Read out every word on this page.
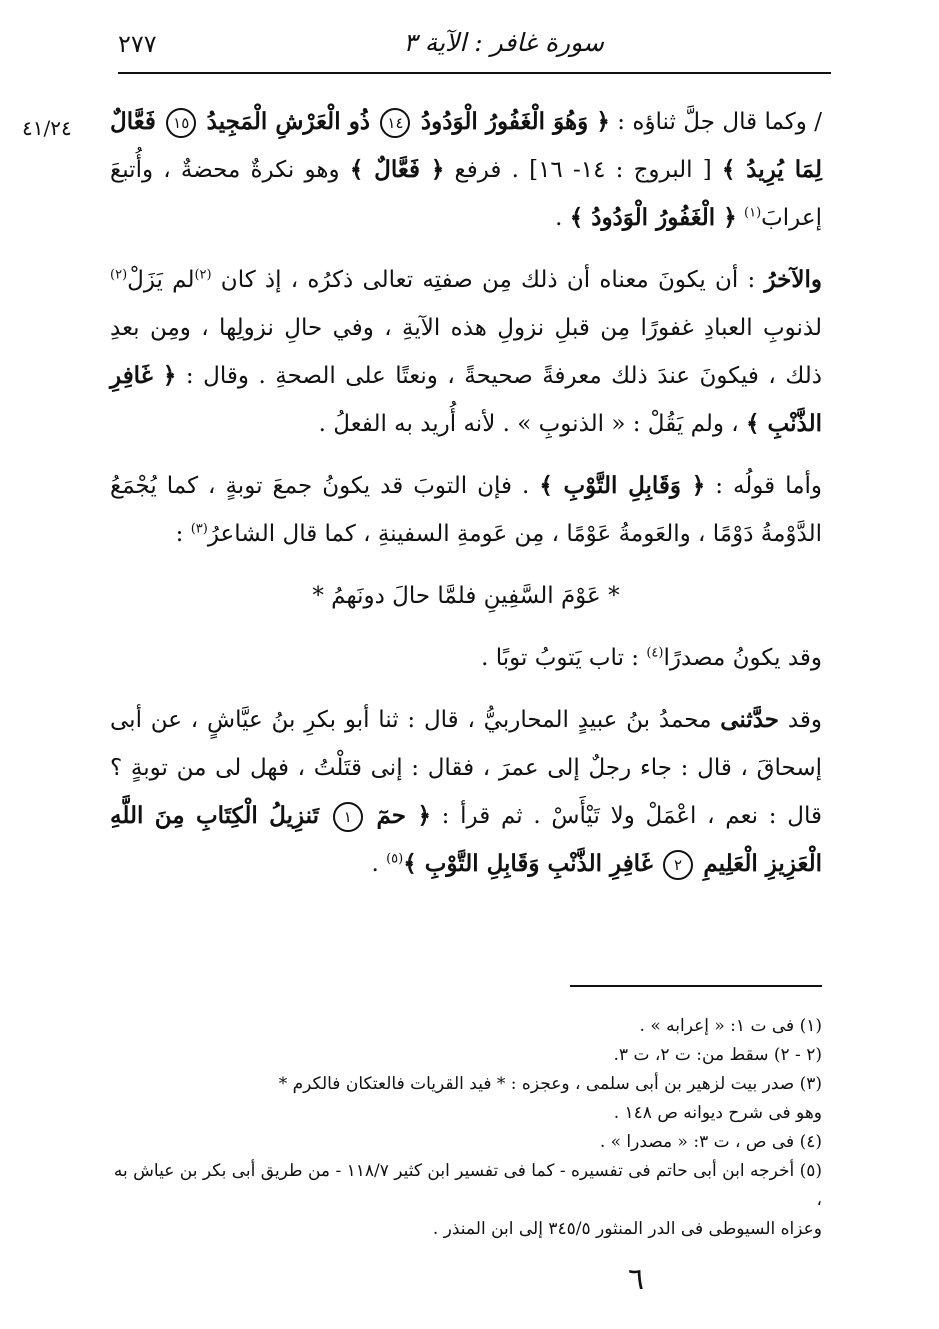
٢٧٧	سورة غافر : الآية ٣
٤١/٢٤	/ وكما قال جلَّ ثناؤه : ﴿ وَهُوَ الْغَفُورُ الْوَدُودُ ١٤ ذُو الْعَرْشِ الْمَجِيدُ ١٥ فَعَّالٌ لِمَا يُرِيدُ ﴾ [ البروج : ١٤- ١٦] . فرفع ﴿ فَعَّالٌ ﴾ وهو نكرةٌ محضةٌ ، وأُتبعَ إعرابَ$^{(١)}$ ﴿ الْغَفُورُ الْوَدُودُ ﴾ .

والآخرُ : أن يكونَ معناه أن ذلك مِن صفتِه تعالى ذكرُه ، إذ كان $^{(٢)}$لم يَزَلْ$^{(٢)}$ لذنوبِ العبادِ غفورًا مِن قبلِ نزولِ هذه الآيةِ ، وفي حالِ نزولِها ، ومِن بعدِ ذلك ، فيكونَ عندَ ذلك معرفةً صحيحةً ، ونعتًا على الصحةِ . وقال : ﴿ غَافِرِ الذَّنْبِ ﴾ ، ولم يَقُلْ : « الذنوبِ » . لأنه أُريد به الفعلُ .

وأما قولُه : ﴿ وَقَابِلِ التَّوْبِ ﴾ . فإن التوبَ قد يكونُ جمعَ توبةٍ ، كما يُجْمَعُ الدَّوْمةُ دَوْمًا ، والعَومةُ عَوْمًا ، مِن عَومةِ السفينةِ ، كما قال الشاعرُ$^{(٣)}$ :

* عَوْمَ السَّفِينِ فلمَّا حالَ دونَهمُ *

وقد يكونُ مصدرًا$^{(٤)}$ : تاب يَتوبُ توبًا .

وقد حدَّثنى محمدُ بنُ عبيدٍ المحاربيُّ ، قال : ثنا أبو بكرِ بنُ عيَّاشٍ ، عن أبى إسحاقَ ، قال : جاء رجلٌ إلى عمرَ ، فقال : إنى قتَلْتُ ، فهل لى من توبةٍ ؟ قال : نعم ، اعْمَلْ ولا تَيْأَسْ . ثم قرأ : ﴿ حمٓ ١ تَنزِيلُ الْكِتَابِ مِنَ اللَّهِ الْعَزِيزِ الْعَلِيمِ ٢ غَافِرِ الذَّنْبِ وَقَابِلِ التَّوْبِ ﴾$^{(٥)}$ .

(١) فى ت ١: « إعرابه » .
(٢ - ٢) سقط من: ت ٢، ت ٣.
(٣) صدر بيت لزهير بن أبى سلمى ، وعجزه : * فيد القريات فالعتكان فالكرم *
وهو فى شرح ديوانه ص ١٤٨ .
(٤) فى ص ، ت ٣: « مصدرا » .
(٥) أخرجه ابن أبى حاتم فى تفسيره - كما فى تفسير ابن كثير ١١٨/٧ - من طريق أبى بكر بن عياش به ،
وعزاه السيوطى فى الدر المنثور ٣٤٥/٥ إلى ابن المنذر .
٦
